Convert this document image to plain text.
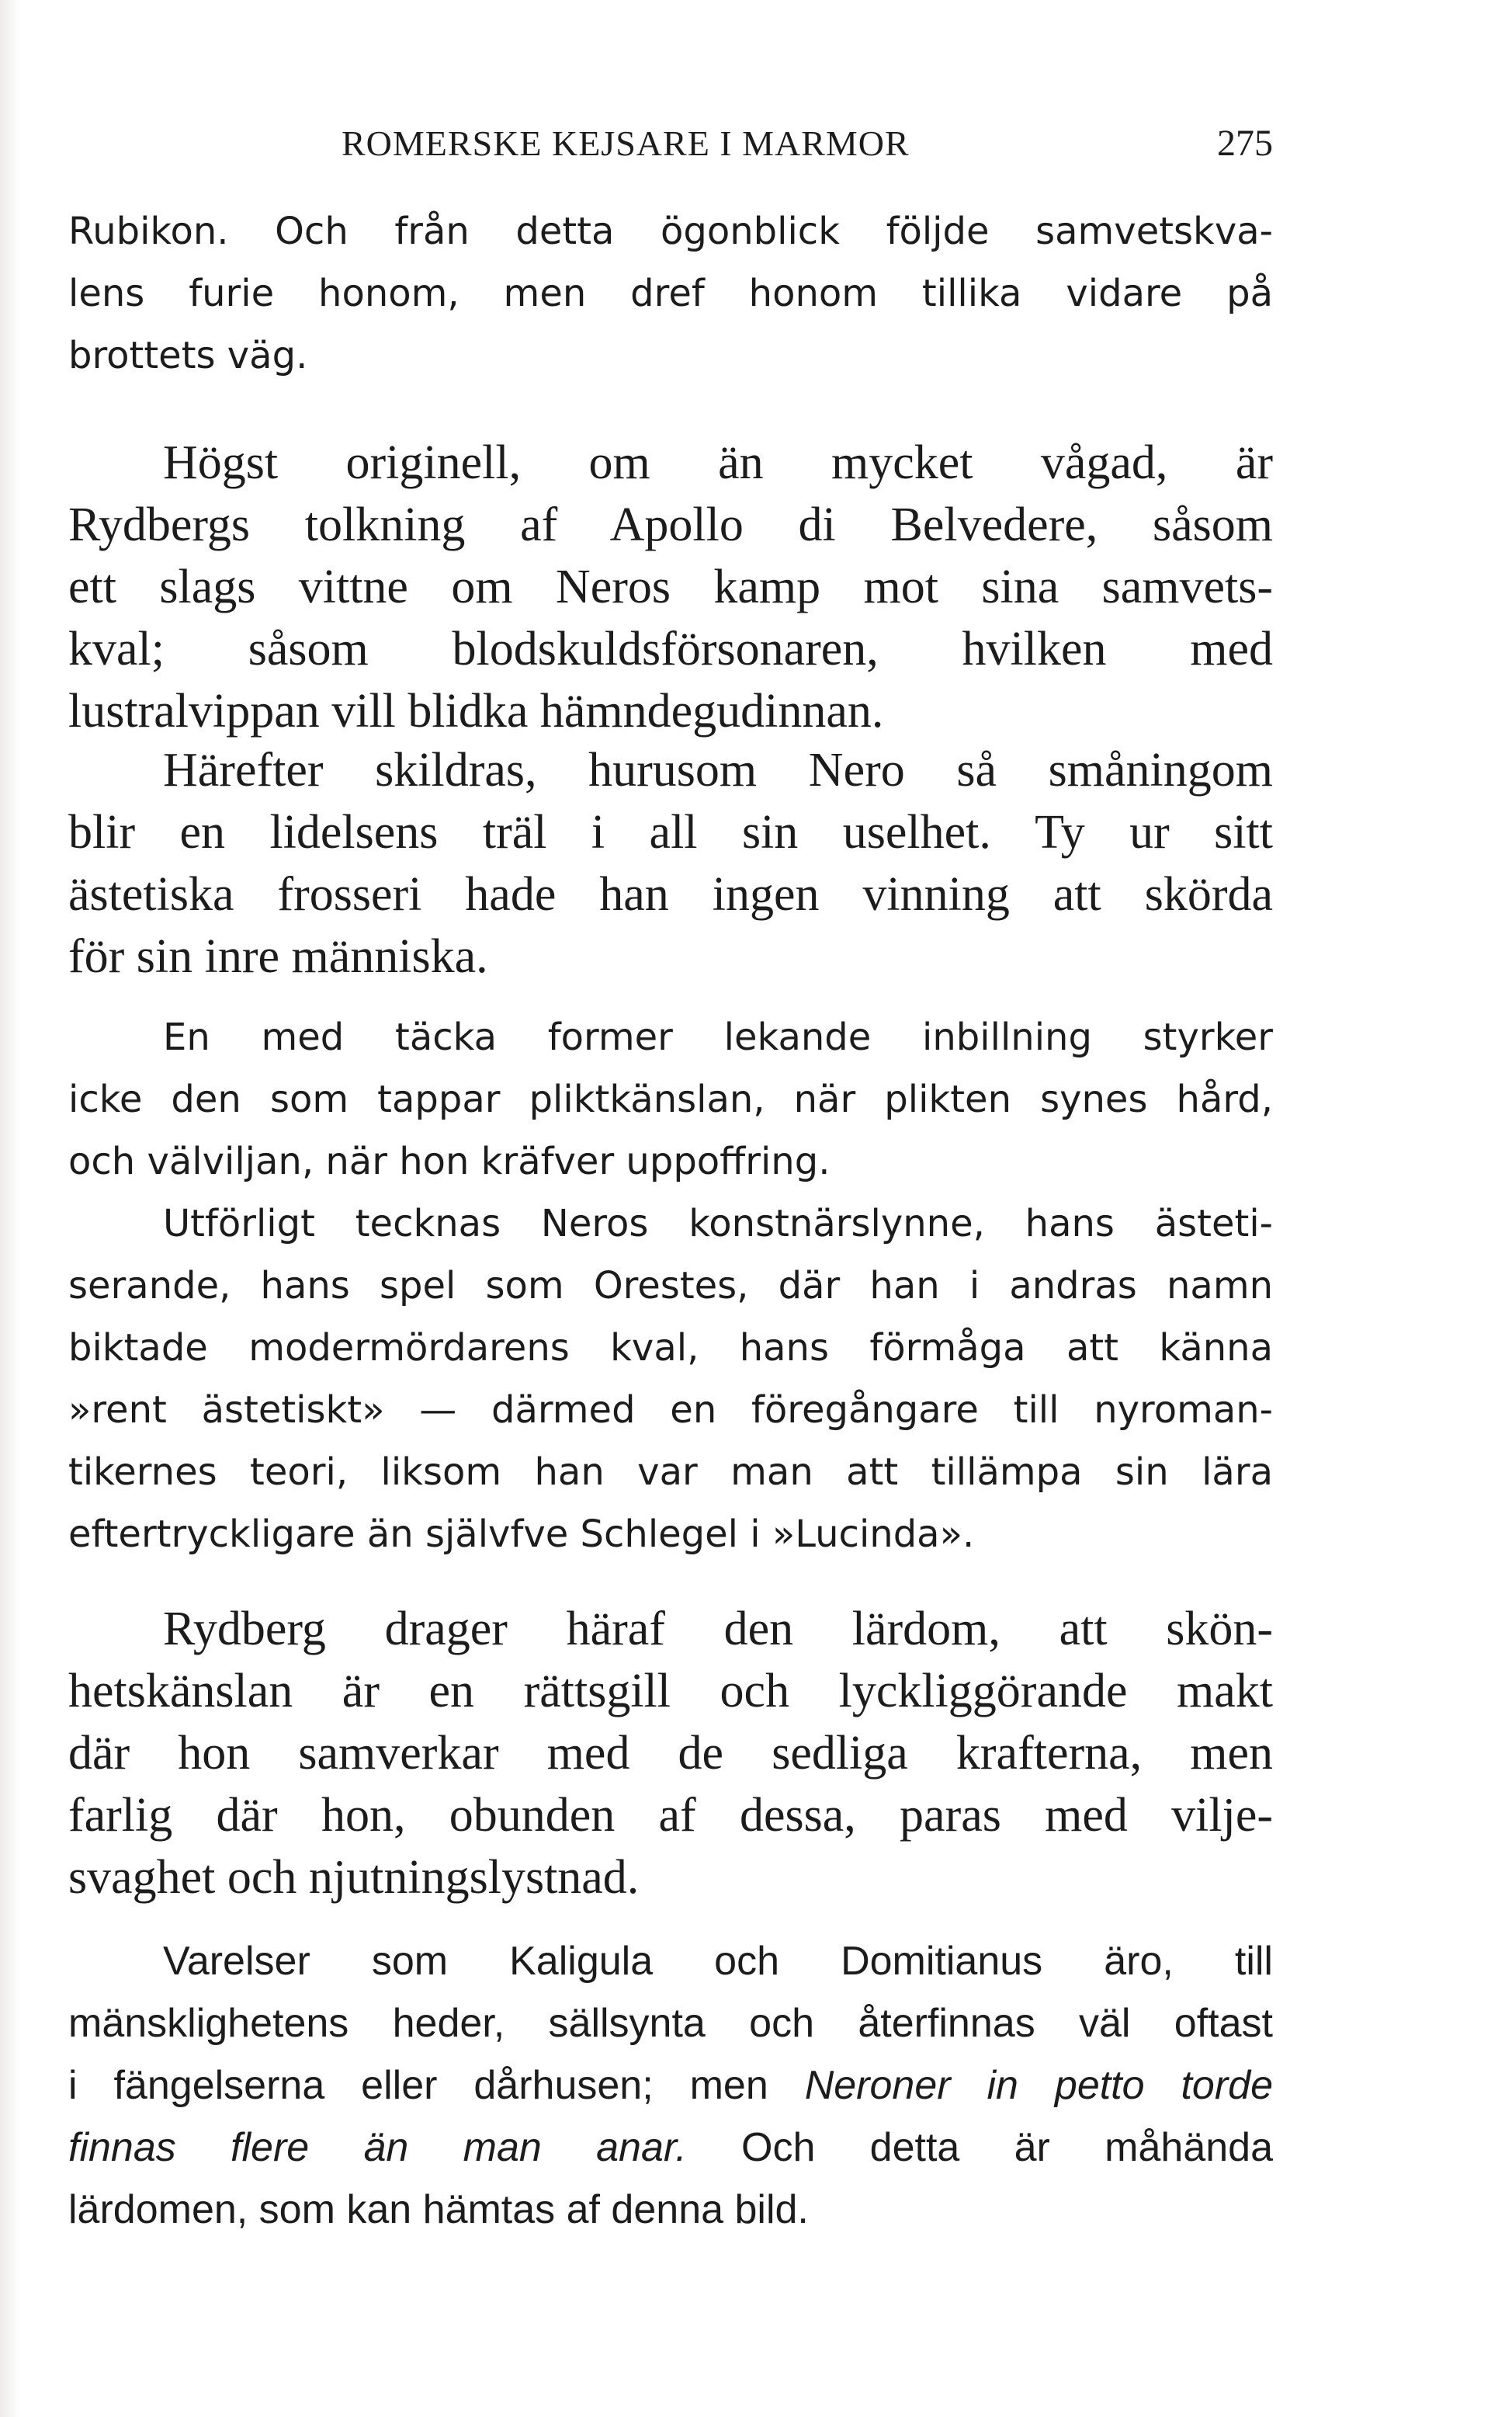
ROMERSKE KEJSARE I MARMOR	275
Rubikon. Och från detta ögonblick följde samvetskva-
lens furie honom, men dref honom tillika vidare på
brottets väg.
Högst originell, om än mycket vågad, är
Rydbergs tolkning af Apollo di Belvedere, såsom
ett slags vittne om Neros kamp mot sina samvets-
kval; såsom blodskuldsförsonaren, hvilken med
lustralvippan vill blidka hämndegudinnan.
Härefter skildras, hurusom Nero så småningom
blir en lidelsens träl i all sin uselhet. Ty ur sitt
ästetiska frosseri hade han ingen vinning att skörda
för sin inre människa.
En med täcka former lekande inbillning styrker
icke den som tappar pliktkänslan, när plikten synes hård,
och välviljan, när hon kräfver uppoffring.
Utförligt tecknas Neros konstnärslynne, hans ästeti-
serande, hans spel som Orestes, där han i andras namn
biktade modermördarens kval, hans förmåga att känna
»rent ästetiskt» — därmed en föregångare till nyroman-
tikernes teori, liksom han var man att tillämpa sin lära
eftertryckligare än självfve Schlegel i »Lucinda».
Rydberg drager häraf den lärdom, att skön-
hetskänslan är en rättsgill och lyckliggörande makt
där hon samverkar med de sedliga krafterna, men
farlig där hon, obunden af dessa, paras med vilje-
svaghet och njutningslystnad.
Varelser som Kaligula och Domitianus äro, till
mänsklighetens heder, sällsynta och återfinnas väl oftast
i fängelserna eller dårhusen; men Neroner in petto torde
finnas flere än man anar. Och detta är måhända
lärdomen, som kan hämtas af denna bild.
